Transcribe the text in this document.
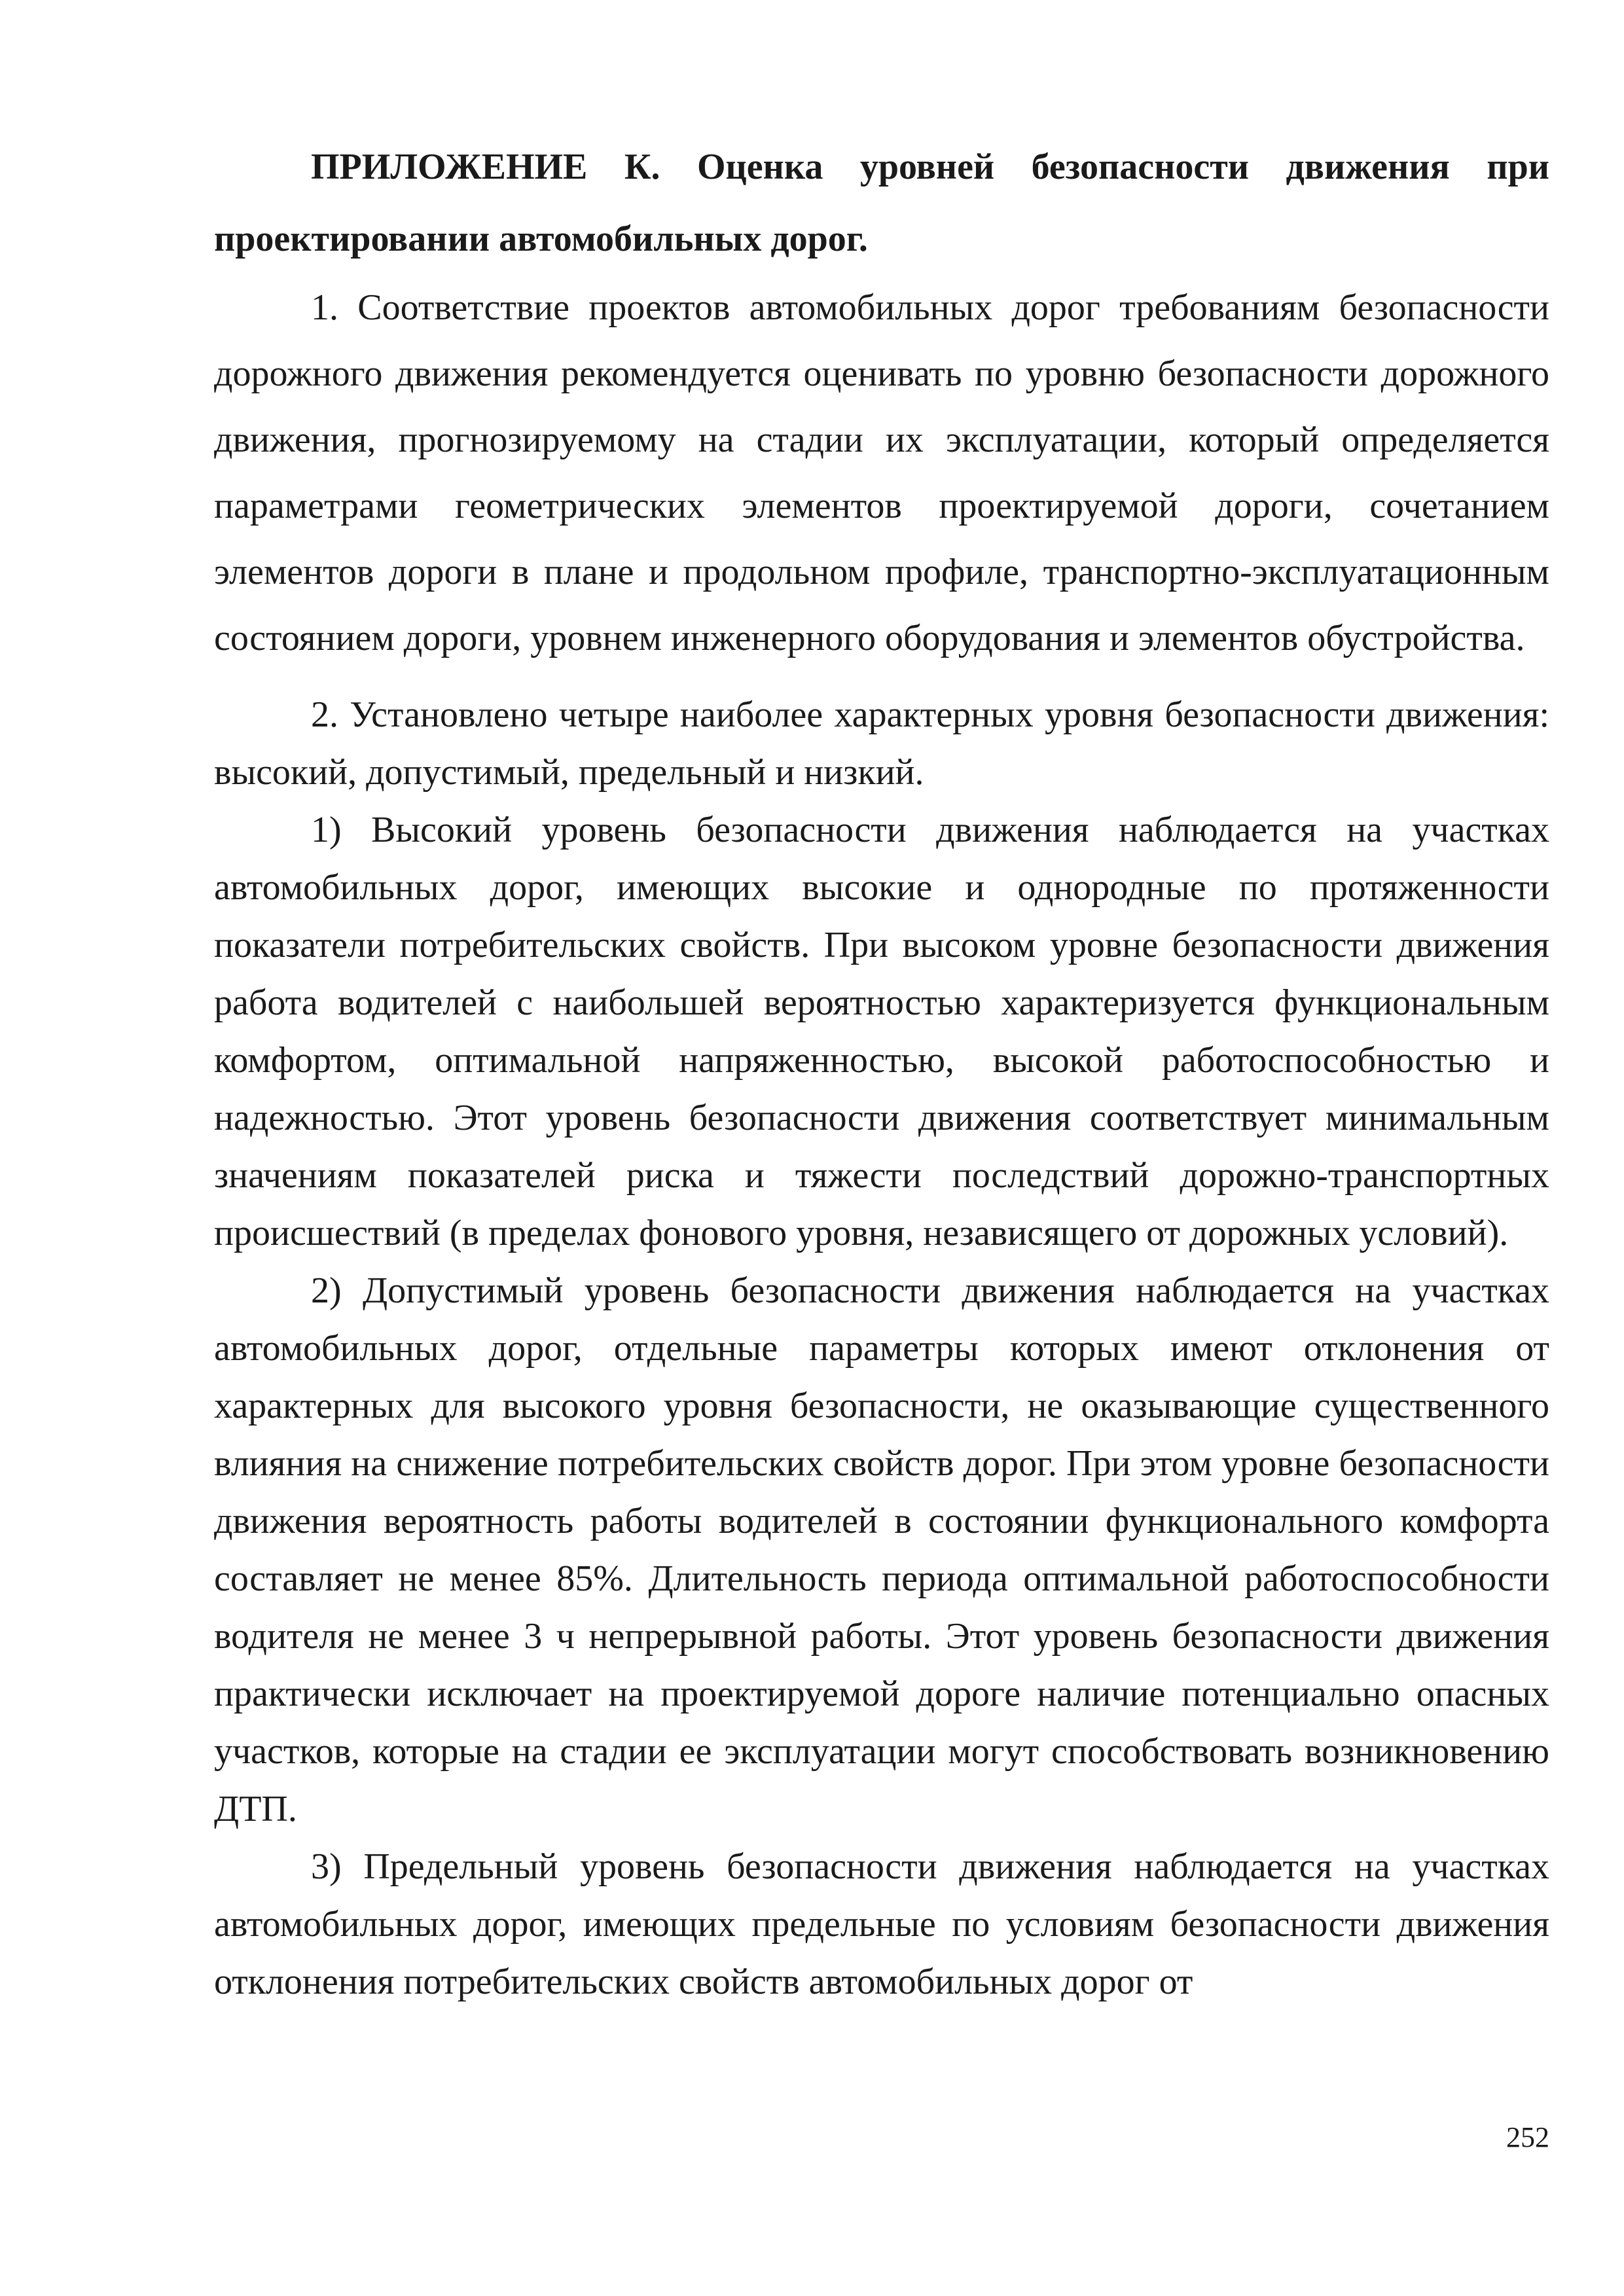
ПРИЛОЖЕНИЕ К. Оценка уровней безопасности движения при проектировании автомобильных дорог.

1. Соответствие проектов автомобильных дорог требованиям безопасности дорожного движения рекомендуется оценивать по уровню безопасности дорожного движения, прогнозируемому на стадии их эксплуатации, который определяется параметрами геометрических элементов проектируемой дороги, сочетанием элементов дороги в плане и продольном профиле, транспортно-эксплуатационным состоянием дороги, уровнем инженерного оборудования и элементов обустройства.

2. Установлено четыре наиболее характерных уровня безопасности движения: высокий, допустимый, предельный и низкий.

1) Высокий уровень безопасности движения наблюдается на участках автомобильных дорог, имеющих высокие и однородные по протяженности показатели потребительских свойств. При высоком уровне безопасности движения работа водителей с наибольшей вероятностью характеризуется функциональным комфортом, оптимальной напряженностью, высокой работоспособностью и надежностью. Этот уровень безопасности движения соответствует минимальным значениям показателей риска и тяжести последствий дорожно-транспортных происшествий (в пределах фонового уровня, независящего от дорожных условий).

2) Допустимый уровень безопасности движения наблюдается на участках автомобильных дорог, отдельные параметры которых имеют отклонения от характерных для высокого уровня безопасности, не оказывающие существенного влияния на снижение потребительских свойств дорог. При этом уровне безопасности движения вероятность работы водителей в состоянии функционального комфорта составляет не менее 85%. Длительность периода оптимальной работоспособности водителя не менее 3 ч непрерывной работы. Этот уровень безопасности движения практически исключает на проектируемой дороге наличие потенциально опасных участков, которые на стадии ее эксплуатации могут способствовать возникновению ДТП.

3) Предельный уровень безопасности движения наблюдается на участках автомобильных дорог, имеющих предельные по условиям безопасности движения отклонения потребительских свойств автомобильных дорог от

252
